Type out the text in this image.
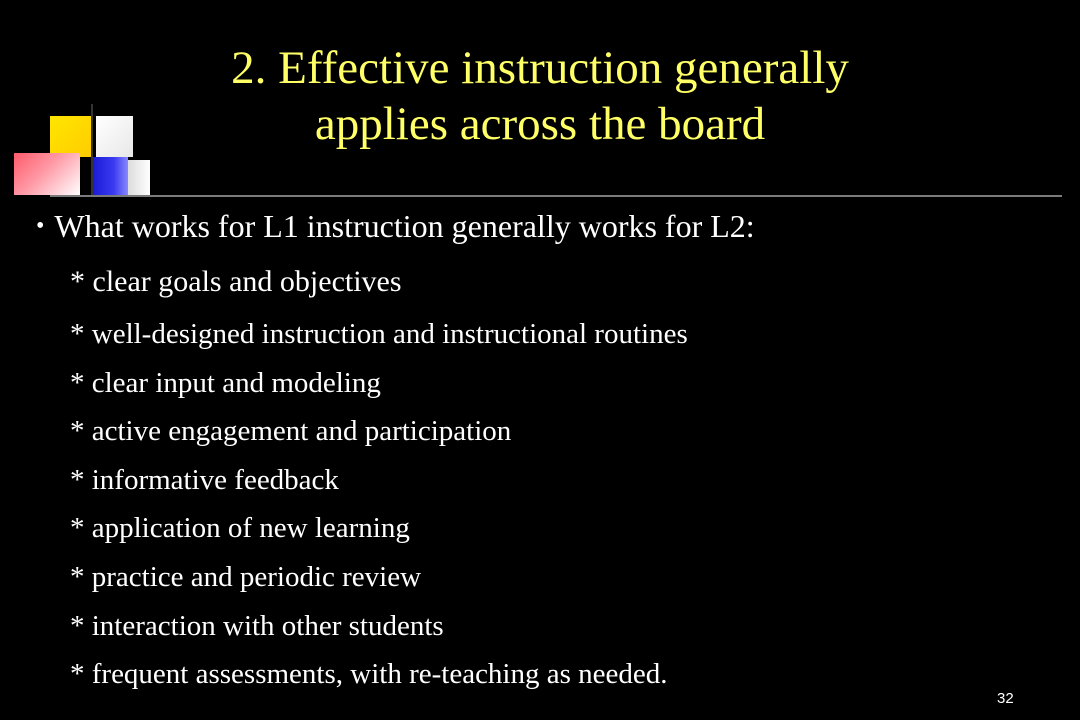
2. Effective instruction generally
applies across the board
• What works for L1 instruction generally works for L2:
* clear goals and objectives
* well-designed instruction and instructional routines
* clear input and modeling
* active engagement and participation
* informative feedback
* application of new learning
* practice and periodic review
* interaction with other students
* frequent assessments, with re-teaching as needed.
32
